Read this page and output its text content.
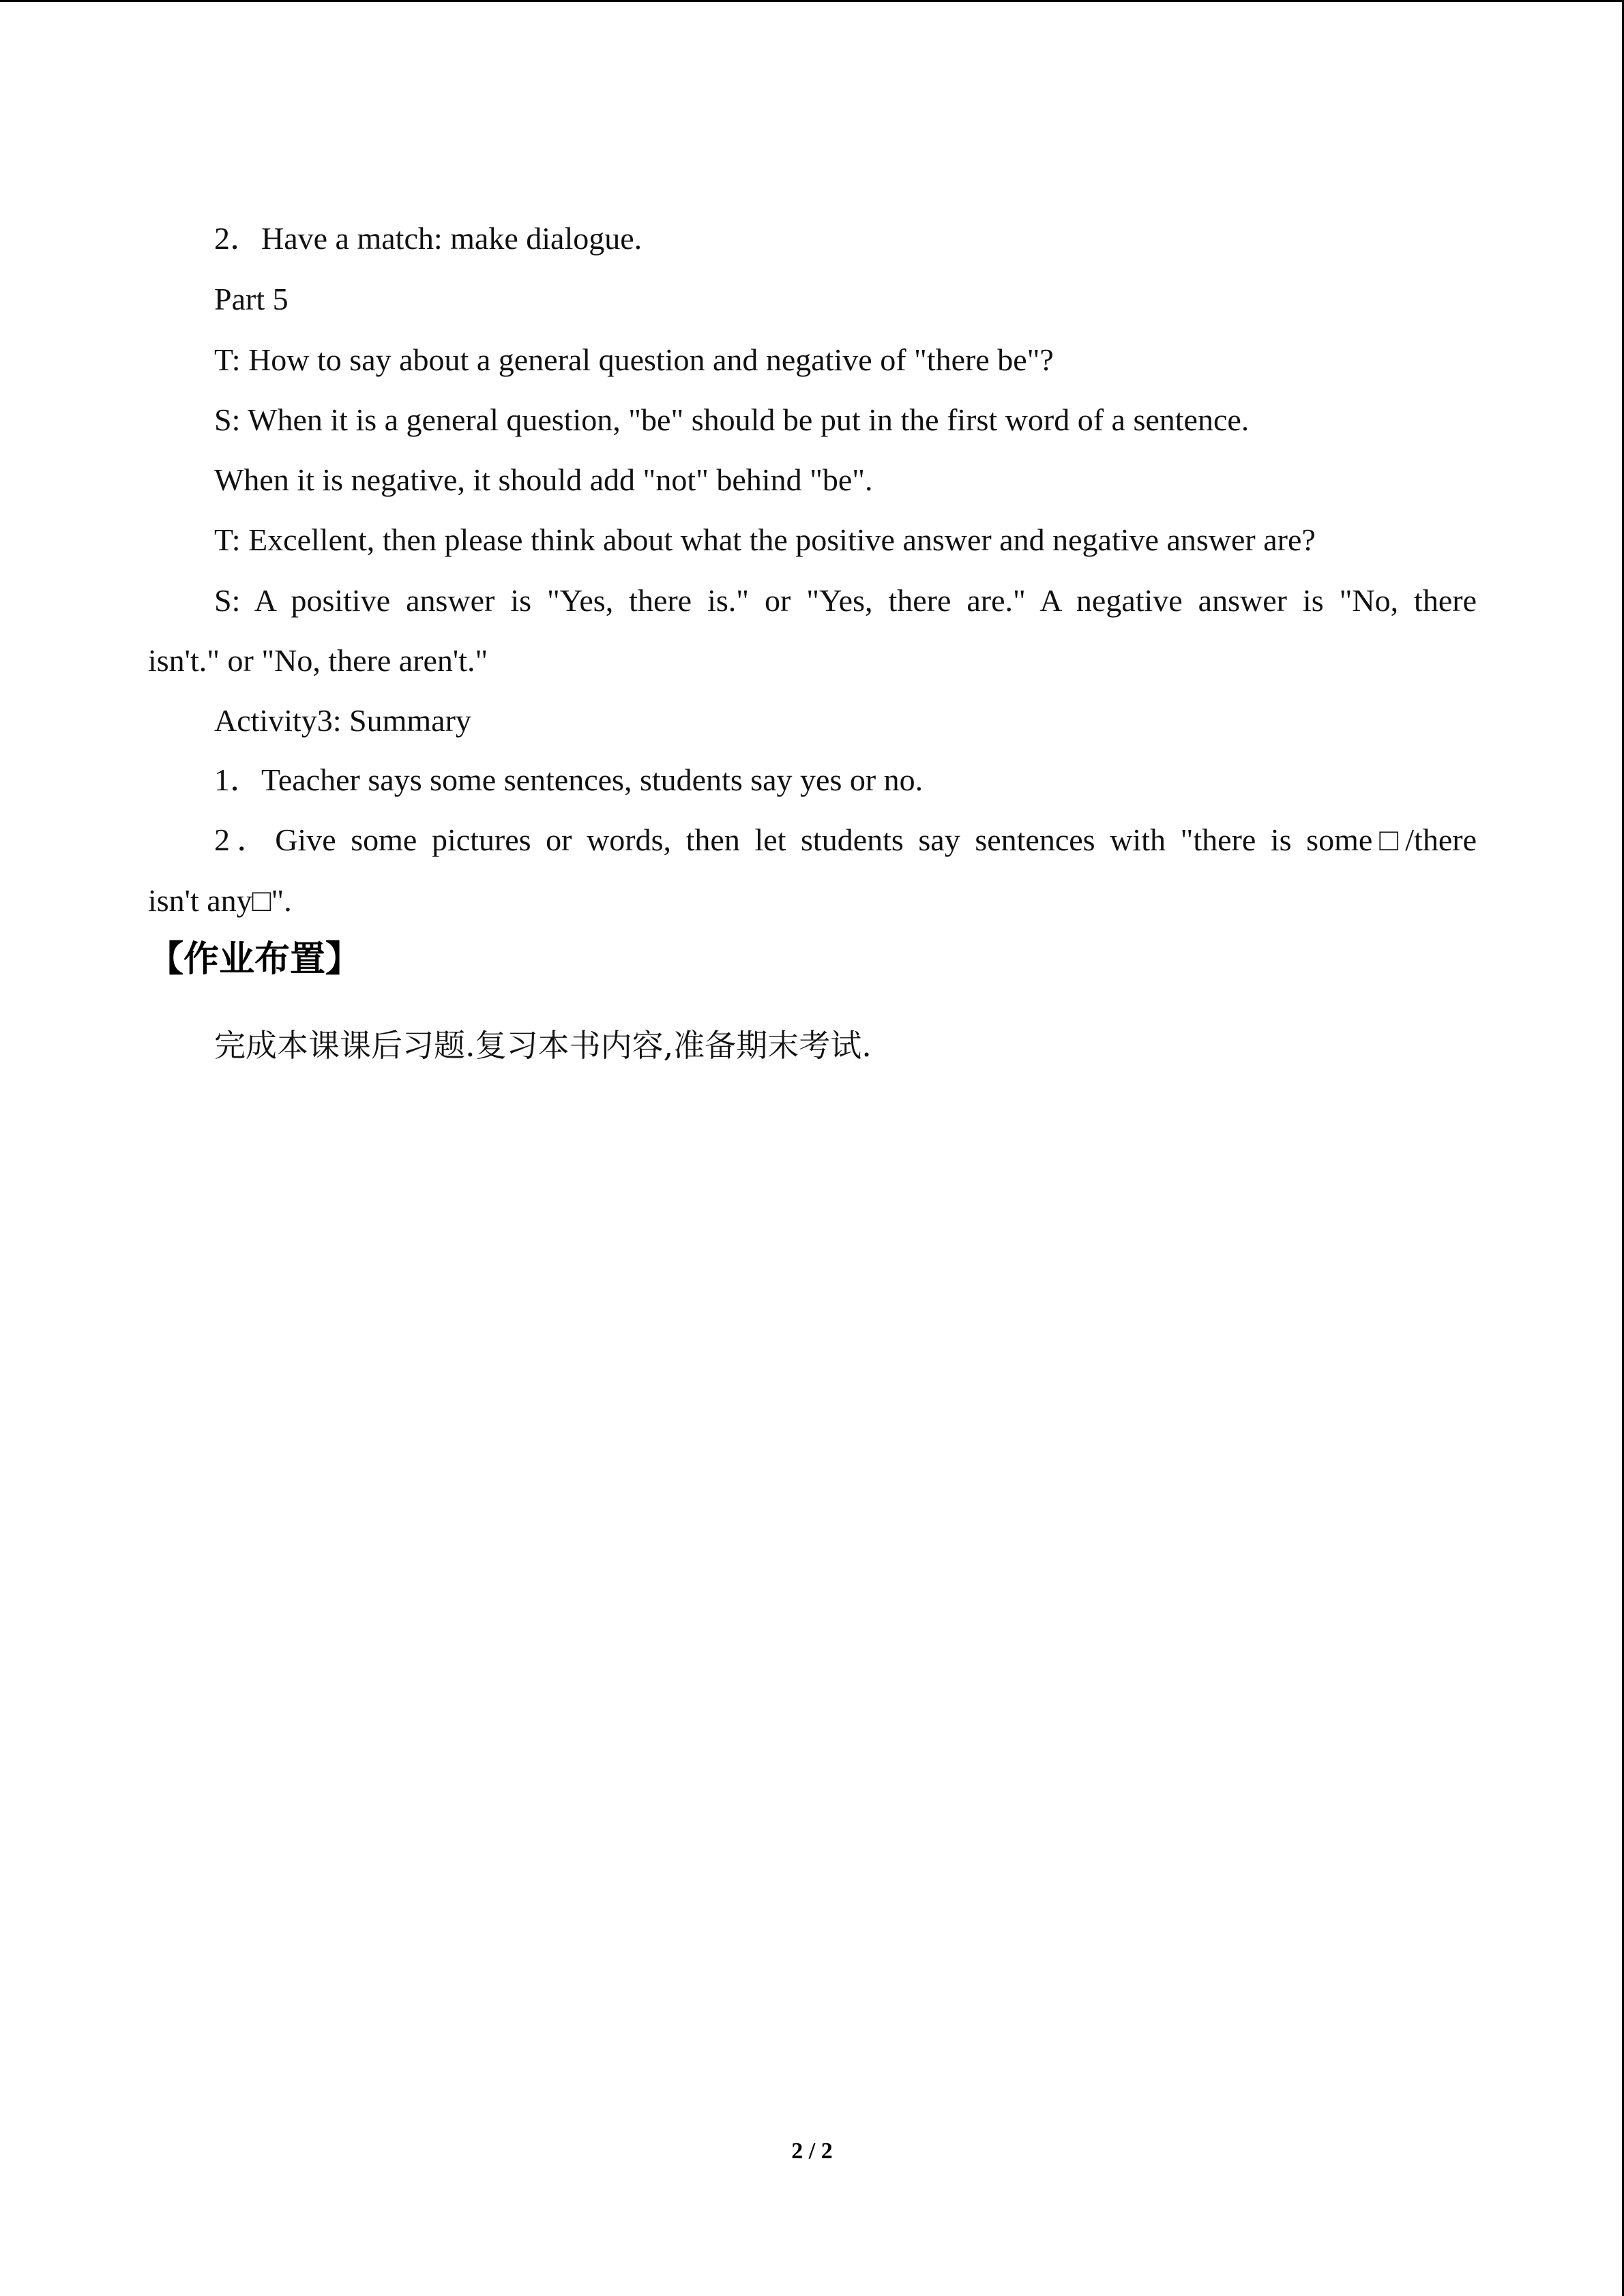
2．Have a match: make dialogue.
Part 5
T: How to say about a general question and negative of "there be"?
S: When it is a general question, "be" should be put in the first word of a sentence.
When it is negative, it should add "not" behind "be".
T: Excellent, then please think about what the positive answer and negative answer are?
S: A positive answer is "Yes, there is." or "Yes, there are." A negative answer is "No, there
isn't." or "No, there aren't."
Activity3: Summary
1．Teacher says some sentences, students say yes or no.
2．Give some pictures or words, then let students say sentences with "there is some□/there
isn't any□".
【作业布置】
完成本课课后习题.复习本书内容,准备期末考试.
2 / 2
